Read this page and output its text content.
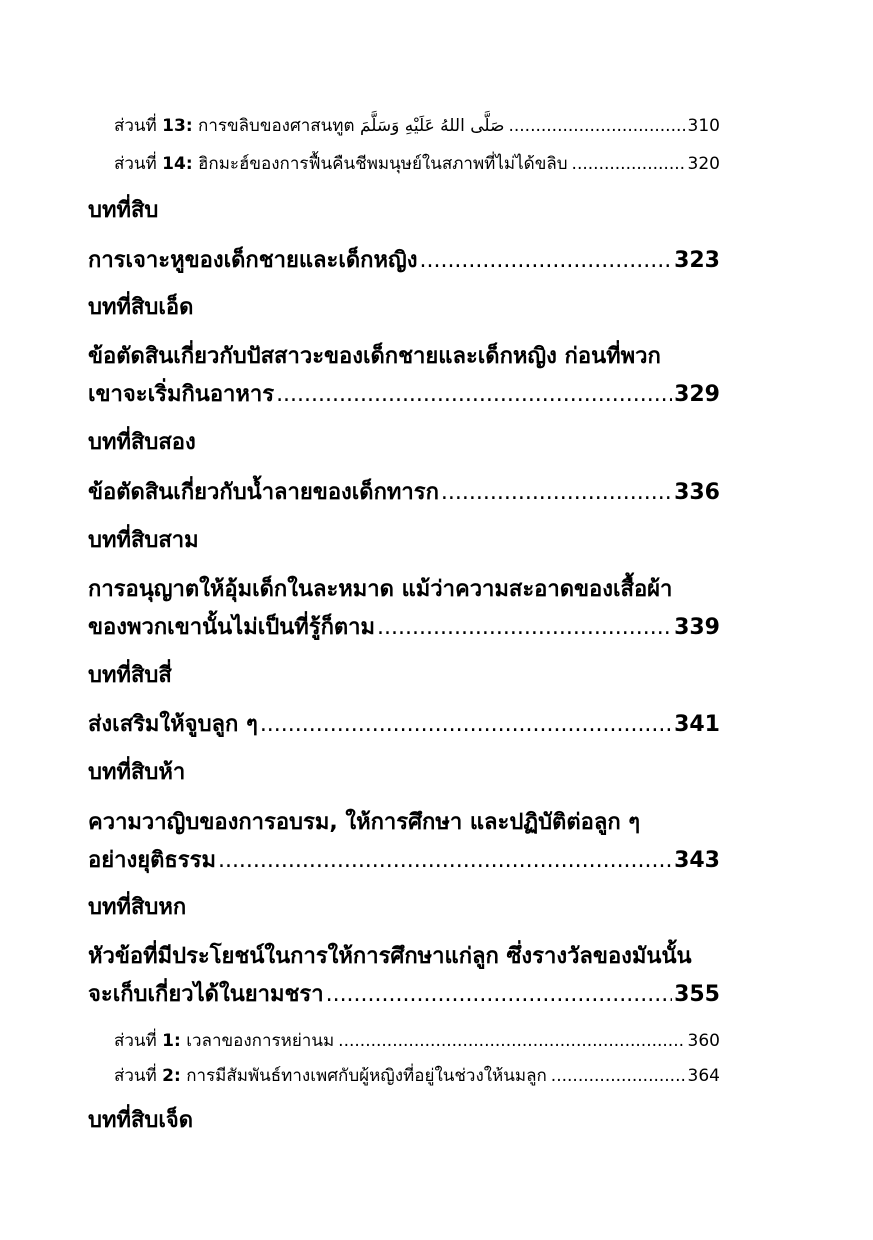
ส่วนที่ 13: การขลิบของศาสนทูต صَلَّى اللهُ عَلَيْهِ وَسَلَّمَ .....	310
ส่วนที่ 14: ฮิกมะฮ์ของการฟื้นคืนชีพมนุษย์ในสภาพที่ไม่ได้ขลิบ .....	320
บทที่สิบ
การเจาะหูของเด็กชายและเด็กหญิง .....	323
บทที่สิบเอ็ด
ข้อตัดสินเกี่ยวกับปัสสาวะของเด็กชายและเด็กหญิง ก่อนที่พวก
เขาจะเริ่มกินอาหาร .....	329
บทที่สิบสอง
ข้อตัดสินเกี่ยวกับน้ำลายของเด็กทารก .....	336
บทที่สิบสาม
การอนุญาตให้อุ้มเด็กในละหมาด แม้ว่าความสะอาดของเสื้อผ้า
ของพวกเขานั้นไม่เป็นที่รู้ก็ตาม .....	339
บทที่สิบสี่
ส่งเสริมให้จูบลูก ๆ .....	341
บทที่สิบห้า
ความวาญิบของการอบรม, ให้การศึกษา และปฏิบัติต่อลูก ๆ
อย่างยุติธรรม .....	343
บทที่สิบหก
หัวข้อที่มีประโยชน์ในการให้การศึกษาแก่ลูก ซึ่งรางวัลของมันนั้น
จะเก็บเกี่ยวได้ในยามชรา .....	355
ส่วนที่ 1: เวลาของการหย่านม .....	360
ส่วนที่ 2: การมีสัมพันธ์ทางเพศกับผู้หญิงที่อยู่ในช่วงให้นมลูก .....	364
บทที่สิบเจ็ด
